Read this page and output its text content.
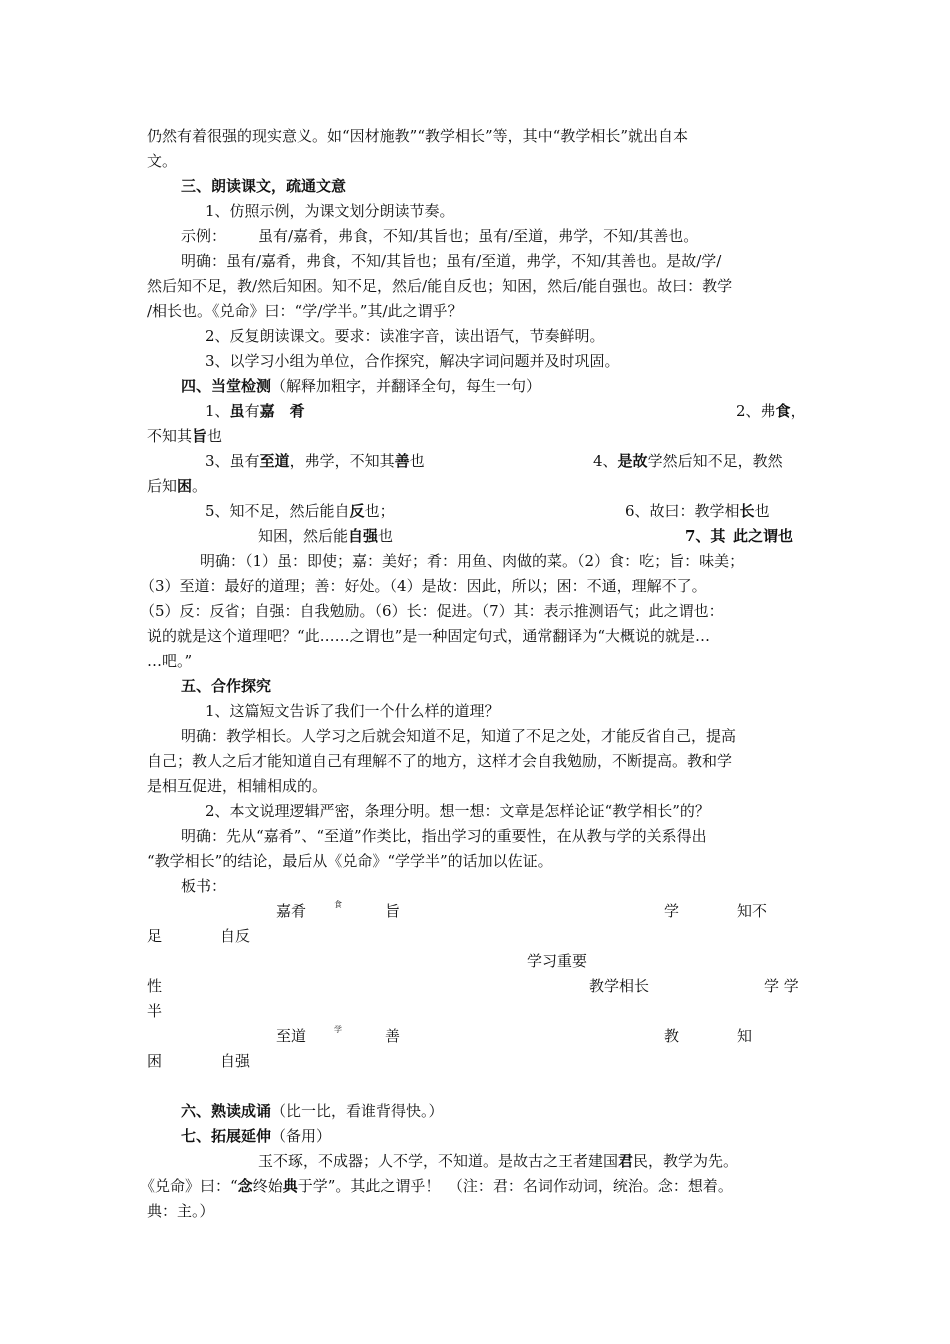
仍然有着很强的现实意义。如“因材施教”“教学相长”等，其中“教学相长”就出自本
文。
三、朗读课文，疏通文意
1、仿照示例，为课文划分朗读节奏。
示例： 虽有/嘉肴，弗食，不知/其旨也；虽有/至道，弗学，不知/其善也。
明确：虽有/嘉肴，弗食，不知/其旨也；虽有/至道，弗学，不知/其善也。是故/学/
然后知不足，教/然后知困。知不足，然后/能自反也；知困，然后/能自强也。故曰：教学
/相长也。《兑命》曰：“学/学半。”其/此之谓乎？
2、反复朗读课文。要求：读准字音，读出语气，节奏鲜明。
3、以学习小组为单位，合作探究，解决字词问题并及时巩固。
四、当堂检测（解释加粗字，并翻译全句，每生一句）
1、虽有嘉  肴	2、弗食，
不知其旨也
3、虽有至道，弗学，不知其善也	4、是故学然后知不足，教然
后知困。
5、知不足，然后能自反也；	6、故曰：教学相长也
知困，然后能自强也	7、其  此之谓也
明确：（1）虽：即使；嘉：美好；肴：用鱼、肉做的菜。（2）食：吃；旨：味美；
（3）至道：最好的道理；善：好处。（4）是故：因此，所以；困：不通，理解不了。
（5）反：反省；自强：自我勉励。（6）长：促进。（7）其：表示推测语气；此之谓也：
说的就是这个道理吧？“此……之谓也”是一种固定句式，通常翻译为“大概说的就是…
…吧。”
五、合作探究
1、这篇短文告诉了我们一个什么样的道理？
明确：教学相长。人学习之后就会知道不足，知道了不足之处，才能反省自己，提高
自己；教人之后才能知道自己有理解不了的地方，这样才会自我勉励，不断提高。教和学
是相互促进，相辅相成的。
2、本文说理逻辑严密，条理分明。想一想：文章是怎样论证“教学相长”的？
明确：先从“嘉肴”、“至道”作类比，指出学习的重要性，在从教与学的关系得出
“教学相长”的结论，最后从《兑命》“学学半”的话加以佐证。
板书：
嘉肴	食	旨	学	知不
足	自反
学习重要
性	教学相长	学 学
半
至道	学	善	教	知
困	自强
六、熟读成诵（比一比，看谁背得快。）
七、拓展延伸（备用）
玉不琢，不成器；人不学，不知道。是故古之王者建国君民，教学为先。
《兑命》曰：“念终始典于学”。其此之谓乎！　（注：君：名词作动词，统治。念：想着。
典：主。）
